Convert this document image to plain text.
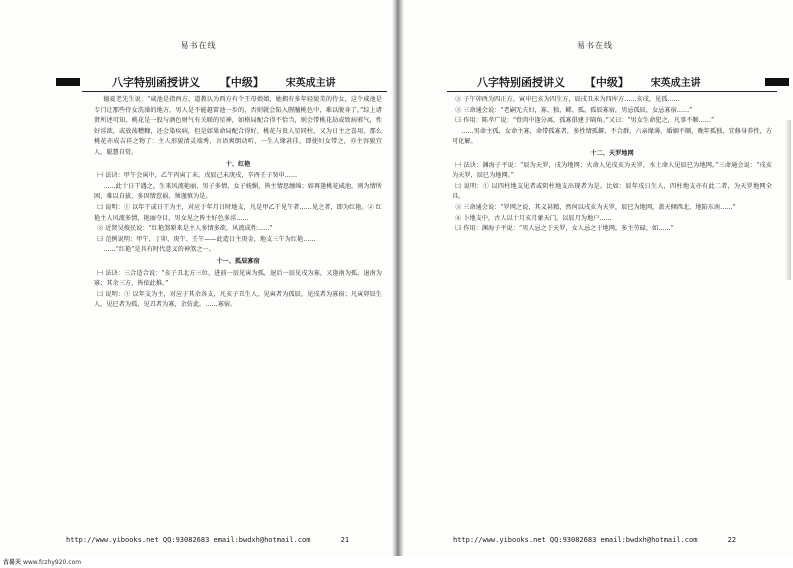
易书在线
八字特别函授讲义 【中级】 宋英成主讲

德夏老先生说：“咸池是指酉方，道教认为西方有个王母娘娘，她拥有多年轻貌美的侍女，这个咸池是专门让那些侍女洗澡的地方，男人是不能越雷池一步的，否则就会陷入腥膻桃色中，难以脱身了。”综上诸贤所述可知，桃花是一股与酒色财气有关联的星神，如格局配合得不恰当，则会带桃花劫或致病邪气，性好淫欲，或放荡糟糠，还会染疾病，但是如果命局配合得好，桃花与贵人星同柱，又为日主之喜用，那么桃花亦成吉祥之物了：主人形貌清灵端秀，言语爽朗动听，一生人缘甚佳，即使妇女带之，亦主容貌宜人，聪慧自赏。

十、红艳

㈠ 法诀：甲午会寅中，乙午丙寅丁未，戊辰己未庚戌，辛酉壬子癸申……

……此十日干遇之，生来风流艳丽，男子多情，女子妩媚，皆主情思缠绵；如再逢桃花咸池，则为情所困，难以自拔，多因情惹祸，须谨慎为是。

㈡ 说明：① 以年干或日干为主，对应于年月日时地支，凡是甲乙干见午者……见之者，即为红艳。② 红艳主人风流多情，艳丽夺目，男女见之皆主好色多淫……

③ 近贤吴俊民说：“红艳煞原来是主人多情多欲，风流成性……”

㈢ 范例说明：甲午、丁卯、庚午、壬午——此造日主庚金，地支三午为红艳……

……“红艳”是具有时代意义的神煞之一。

十一、孤辰寡宿

㈠ 法诀：三合适合说：“亥子丑北方三位，进前一辰见寅为孤，退后一辰见戌为寡，又逢南为孤，退南为寡；其余三方，皆依此推。”

㈡ 说明：① 以年支为主，对应于其余各支，凡亥子丑生人，见寅者为孤辰，见戌者为寡宿；凡寅卯辰生人，见巳者为孤，见丑者为寡，余仿此。……寡宿。

http://www.yibooks.net QQ:93082683 email:bwdxh@hotmail.com	21
易书在线
八字特别函授讲义 【中级】 宋英成主讲

③ 子午卯酉为四正方，寅申巳亥为四生方，辰戌丑未为四库方……亥戌，见孤……

③ 三命通会说：“老嗣无夫妇，寡、独、鳏、孤。孤辰寡宿，男忌孤辰，女忌寡宿……”

㈢ 作用：陈孝广说：“骨肉中逢分离，孤寡俱建于隔角。”又曰：“男女生命犯之，凡事不顺……”

……男命主孤，女命主寡，命带孤寡者，多性情孤僻，不合群，六亲缘薄，婚姻不顺，晚年孤独，宜修身养性，方可化解。

十二、天罗地网

㈠ 法诀：渊海子平说：“辰为天罗，戌为地网；火命人见戌亥为天罗，水土命人见辰巳为地网。”三命通会说：“戌亥为天罗，辰巳为地网。”

㈡ 说明：① 以四柱地支见者或阴柱地支出现者为是。比如：辰年戌日生人，四柱地支亦有此二者，为天罗地网全具。

③ 三命通会说：“罗网之说，其义甚精，然何以戌亥为天罗，辰巳为地网，盖天倾西北，地陷东南……”

④ 卜地支中，古人以十月亥月象天门，以辰月为地户……

㈢ 作用：渊海子平说：“男人忌之于天罗，女人忌之于地网。多主劳碌，如……”

http://www.yibooks.net QQ:93082683 email:bwdxh@hotmail.com	22
古易天 www.fczhy920.com
